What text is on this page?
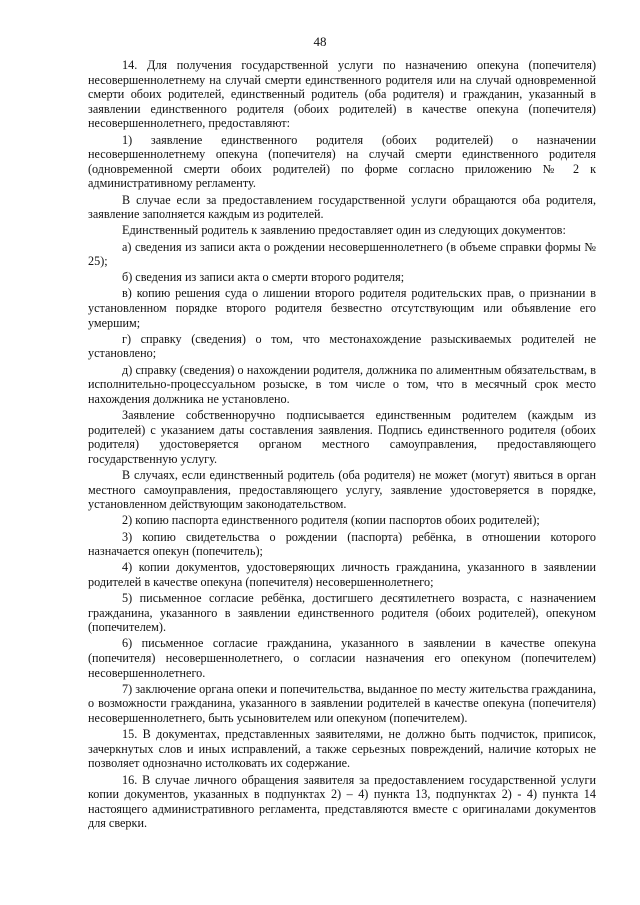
48

14. Для получения государственной услуги по назначению опекуна (попечителя) несовершеннолетнему на случай смерти единственного родителя или на случай одновременной смерти обоих родителей, единственный родитель (оба родителя) и гражданин, указанный в заявлении единственного родителя (обоих родителей) в качестве опекуна (попечителя) несовершеннолетнего, предоставляют:

1) заявление единственного родителя (обоих родителей) о назначении несовершеннолетнему опекуна (попечителя) на случай смерти единственного родителя (одновременной смерти обоих родителей) по форме согласно приложению № 2 к административному регламенту.

В случае если за предоставлением государственной услуги обращаются оба родителя, заявление заполняется каждым из родителей.

Единственный родитель к заявлению предоставляет один из следующих документов:

а) сведения из записи акта о рождении несовершеннолетнего (в объеме справки формы № 25);

б) сведения из записи акта о смерти второго родителя;

в) копию решения суда о лишении второго родителя родительских прав, о признании в установленном порядке второго родителя безвестно отсутствующим или объявление его умершим;

г) справку (сведения) о том, что местонахождение разыскиваемых родителей не установлено;

д) справку (сведения) о нахождении родителя, должника по алиментным обязательствам, в исполнительно-процессуальном розыске, в том числе о том, что в месячный срок место нахождения должника не установлено.

Заявление собственноручно подписывается единственным родителем (каждым из родителей) с указанием даты составления заявления. Подпись единственного родителя (обоих родителя) удостоверяется органом местного самоуправления, предоставляющего государственную услугу.

В случаях, если единственный родитель (оба родителя) не может (могут) явиться в орган местного самоуправления, предоставляющего услугу, заявление удостоверяется в порядке, установленном действующим законодательством.

2) копию паспорта единственного родителя (копии паспортов обоих родителей);

3) копию свидетельства о рождении (паспорта) ребёнка, в отношении которого назначается опекун (попечитель);

4) копии документов, удостоверяющих личность гражданина, указанного в заявлении родителей в качестве опекуна (попечителя) несовершеннолетнего;

5) письменное согласие ребёнка, достигшего десятилетнего возраста, с назначением гражданина, указанного в заявлении единственного родителя (обоих родителей), опекуном (попечителем).

6) письменное согласие гражданина, указанного в заявлении в качестве опекуна (попечителя) несовершеннолетнего, о согласии назначения его опекуном (попечителем) несовершеннолетнего.

7) заключение органа опеки и попечительства, выданное по месту жительства гражданина, о возможности гражданина, указанного в заявлении родителей в качестве опекуна (попечителя) несовершеннолетнего, быть усыновителем или опекуном (попечителем).

15. В документах, представленных заявителями, не должно быть подчисток, приписок, зачеркнутых слов и иных исправлений, а также серьезных повреждений, наличие которых не позволяет однозначно истолковать их содержание.

16. В случае личного обращения заявителя за предоставлением государственной услуги копии документов, указанных в подпунктах 2) – 4) пункта 13, подпунктах 2) - 4) пункта 14 настоящего административного регламента, представляются вместе с оригиналами документов для сверки.
